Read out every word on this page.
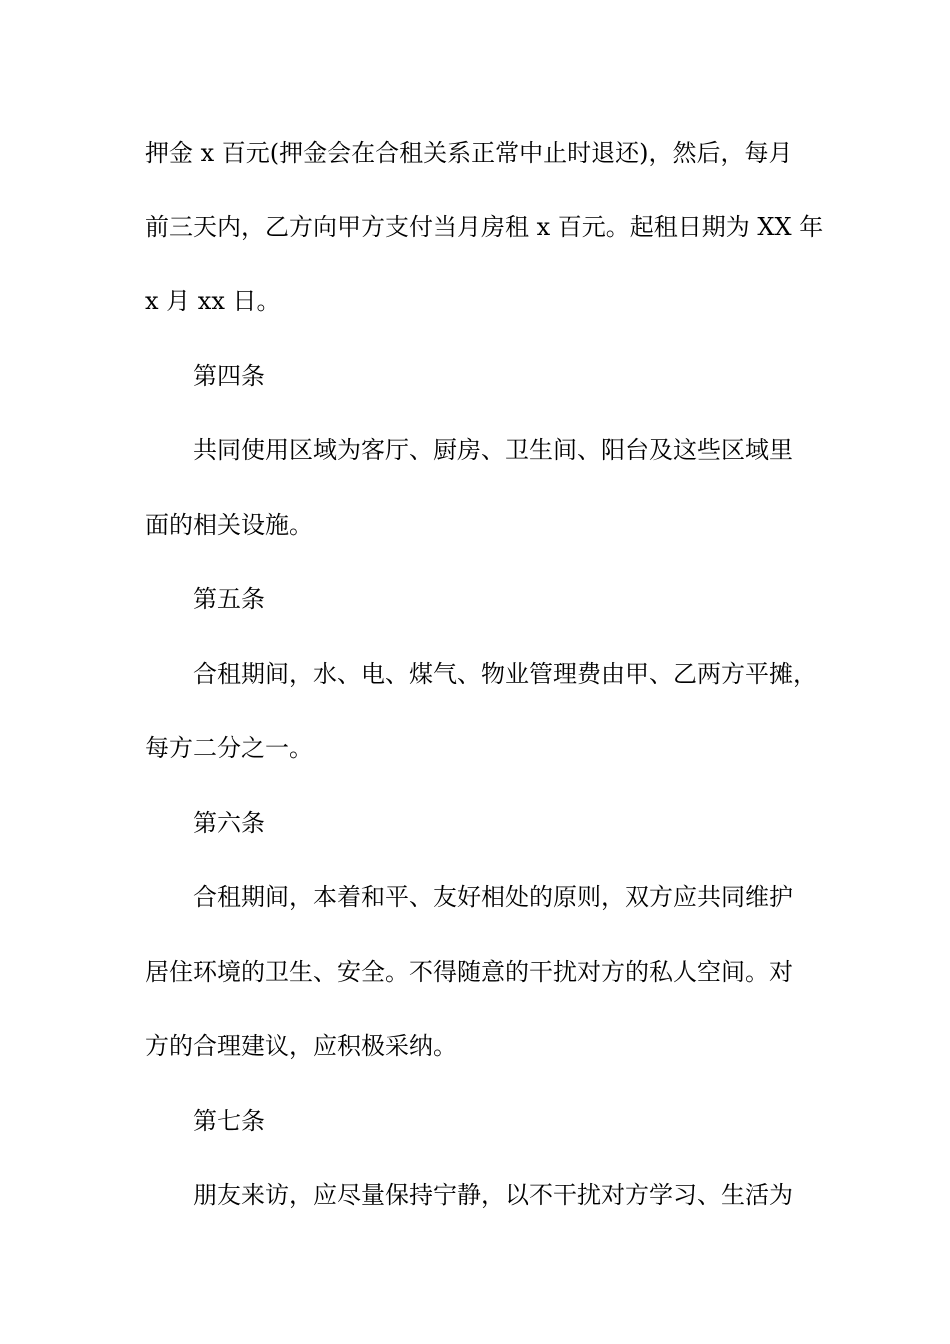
押金 x 百元(押金会在合租关系正常中止时退还)，然后，每月
前三天内，乙方向甲方支付当月房租 x 百元。起租日期为 XX 年
x 月 xx 日。
第四条
共同使用区域为客厅、厨房、卫生间、阳台及这些区域里
面的相关设施。
第五条
合租期间，水、电、煤气、物业管理费由甲、乙两方平摊，
每方二分之一。
第六条
合租期间，本着和平、友好相处的原则，双方应共同维护
居住环境的卫生、安全。不得随意的干扰对方的私人空间。对
方的合理建议，应积极采纳。
第七条
朋友来访，应尽量保持宁静，以不干扰对方学习、生活为
